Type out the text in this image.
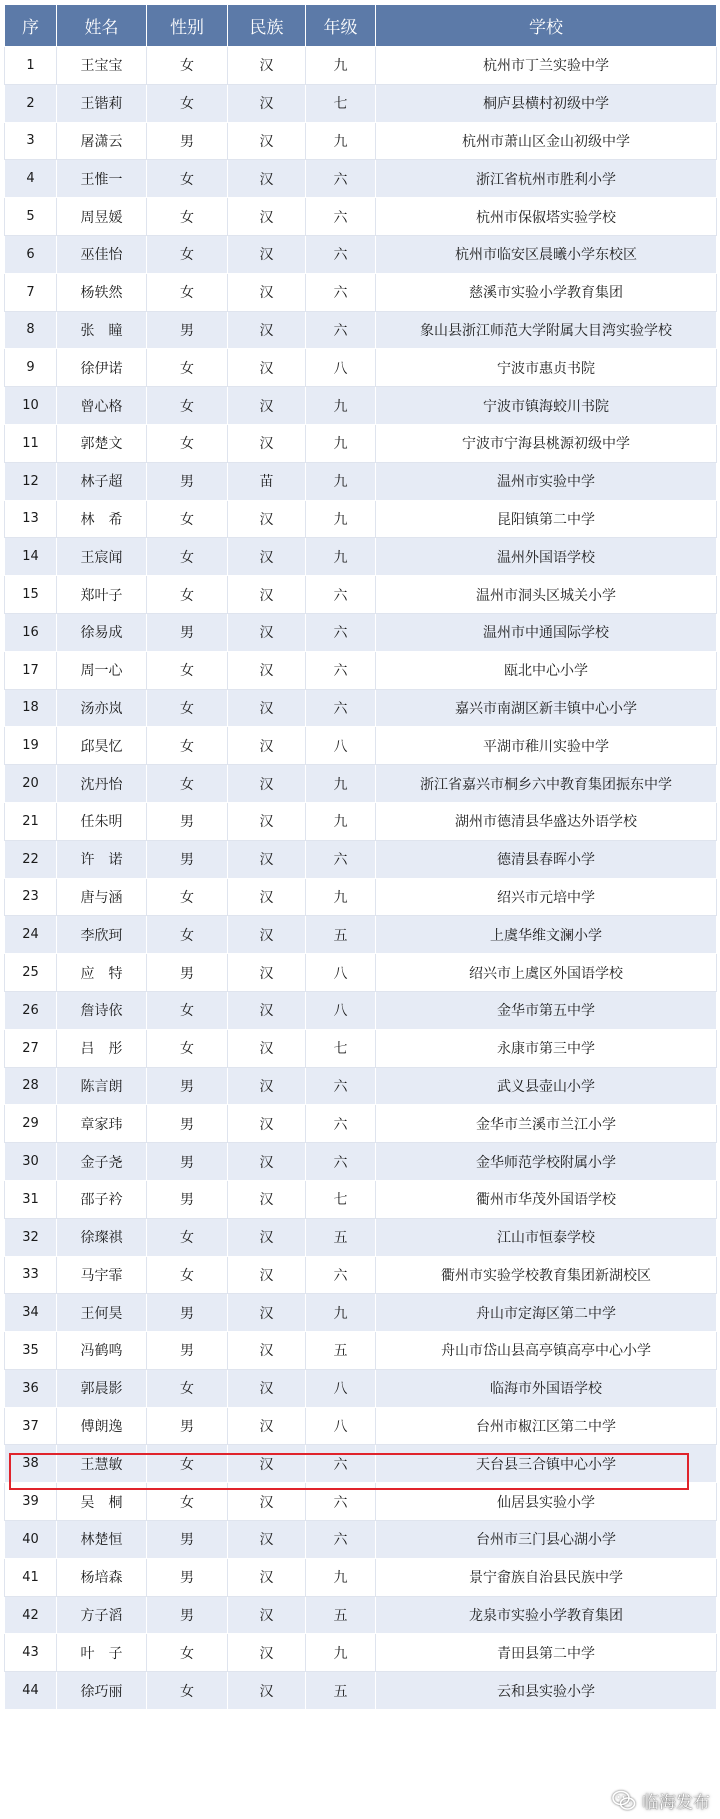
序	姓名	性别	民族	年级	学校
1	王宝宝	女	汉	九	杭州市丁兰实验中学
2	王锴莉	女	汉	七	桐庐县横村初级中学
3	屠潇云	男	汉	九	杭州市萧山区金山初级中学
4	王惟一	女	汉	六	浙江省杭州市胜利小学
5	周昱媛	女	汉	六	杭州市保俶塔实验学校
6	巫佳怡	女	汉	六	杭州市临安区晨曦小学东校区
7	杨轶然	女	汉	六	慈溪市实验小学教育集团
8	张　瞳	男	汉	六	象山县浙江师范大学附属大目湾实验学校
9	徐伊诺	女	汉	八	宁波市惠贞书院
10	曾心格	女	汉	九	宁波市镇海蛟川书院
11	郭楚文	女	汉	九	宁波市宁海县桃源初级中学
12	林子超	男	苗	九	温州市实验中学
13	林　希	女	汉	九	昆阳镇第二中学
14	王宸闻	女	汉	九	温州外国语学校
15	郑叶子	女	汉	六	温州市洞头区城关小学
16	徐易成	男	汉	六	温州市中通国际学校
17	周一心	女	汉	六	瓯北中心小学
18	汤亦岚	女	汉	六	嘉兴市南湖区新丰镇中心小学
19	邱昊忆	女	汉	八	平湖市稚川实验中学
20	沈丹怡	女	汉	九	浙江省嘉兴市桐乡六中教育集团振东中学
21	任朱明	男	汉	九	湖州市德清县华盛达外语学校
22	许　诺	男	汉	六	德清县春晖小学
23	唐与涵	女	汉	九	绍兴市元培中学
24	李欣珂	女	汉	五	上虞华维文澜小学
25	应　特	男	汉	八	绍兴市上虞区外国语学校
26	詹诗依	女	汉	八	金华市第五中学
27	吕　彤	女	汉	七	永康市第三中学
28	陈言朗	男	汉	六	武义县壶山小学
29	章家玮	男	汉	六	金华市兰溪市兰江小学
30	金子尧	男	汉	六	金华师范学校附属小学
31	邵子衿	男	汉	七	衢州市华茂外国语学校
32	徐璨祺	女	汉	五	江山市恒泰学校
33	马宇霏	女	汉	六	衢州市实验学校教育集团新湖校区
34	王何昊	男	汉	九	舟山市定海区第二中学
35	冯鹤鸣	男	汉	五	舟山市岱山县高亭镇高亭中心小学
36	郭晨影	女	汉	八	临海市外国语学校
37	傅朗逸	男	汉	八	台州市椒江区第二中学
38	王慧敏	女	汉	六	天台县三合镇中心小学
39	吴　桐	女	汉	六	仙居县实验小学
40	林楚恒	男	汉	六	台州市三门县心湖小学
41	杨培森	男	汉	九	景宁畲族自治县民族中学
42	方子滔	男	汉	五	龙泉市实验小学教育集团
43	叶　子	女	汉	九	青田县第二中学
44	徐巧丽	女	汉	五	云和县实验小学
临海发布
